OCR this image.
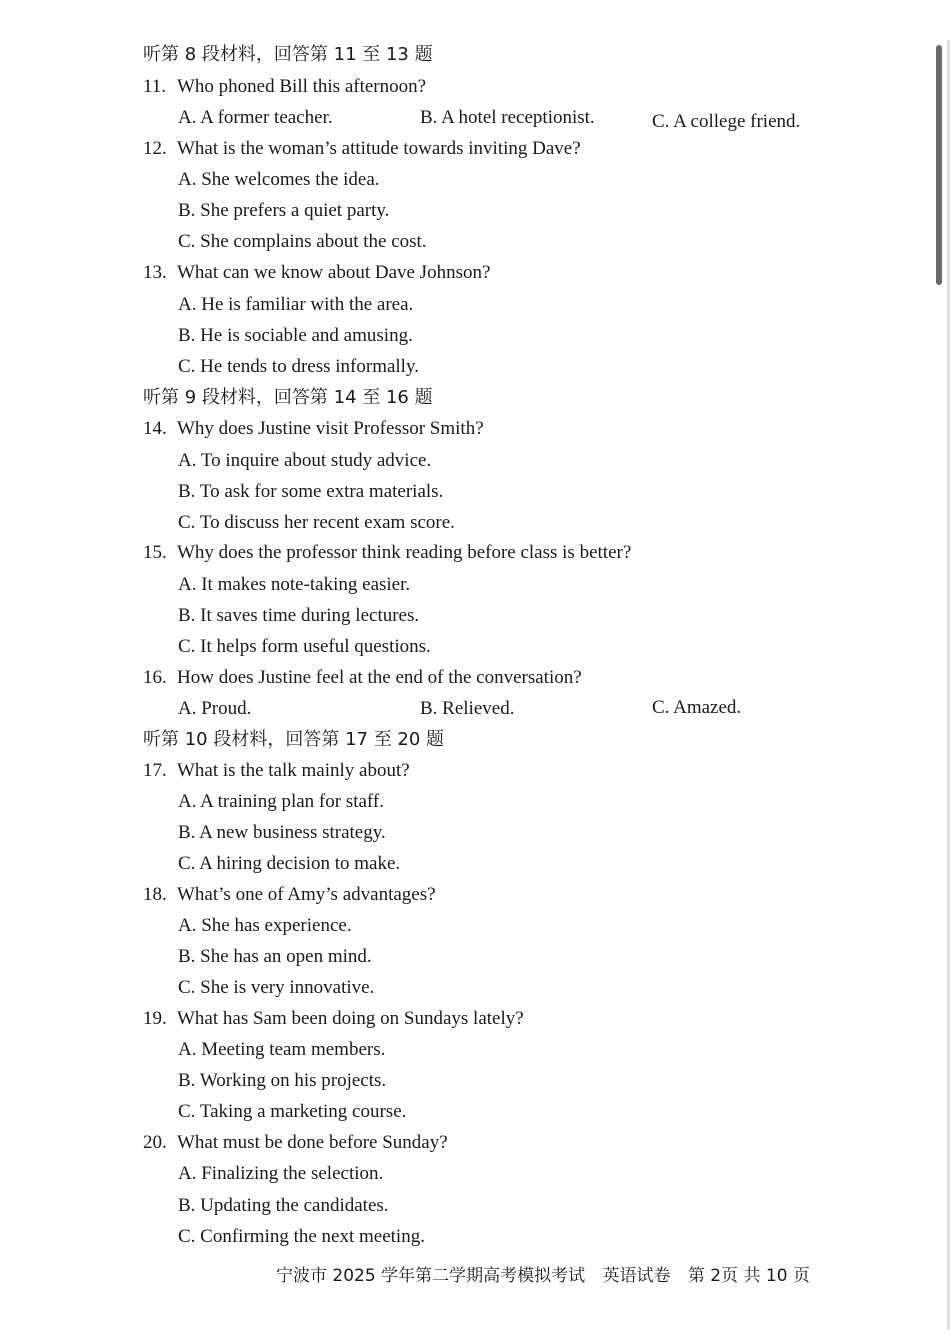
听第 8 段材料，回答第 11 至 13 题
11. Who phoned Bill this afternoon?
A. A former teacher.	B. A hotel receptionist.	C. A college friend.
12. What is the woman’s attitude towards inviting Dave?
A. She welcomes the idea.
B. She prefers a quiet party.
C. She complains about the cost.
13. What can we know about Dave Johnson?
A. He is familiar with the area.
B. He is sociable and amusing.
C. He tends to dress informally.
听第 9 段材料，回答第 14 至 16 题
14. Why does Justine visit Professor Smith?
A. To inquire about study advice.
B. To ask for some extra materials.
C. To discuss her recent exam score.
15. Why does the professor think reading before class is better?
A. It makes note-taking easier.
B. It saves time during lectures.
C. It helps form useful questions.
16. How does Justine feel at the end of the conversation?
A. Proud.	B. Relieved.	C. Amazed.
听第 10 段材料，回答第 17 至 20 题
17. What is the talk mainly about?
A. A training plan for staff.
B. A new business strategy.
C. A hiring decision to make.
18. What’s one of Amy’s advantages?
A. She has experience.
B. She has an open mind.
C. She is very innovative.
19. What has Sam been doing on Sundays lately?
A. Meeting team members.
B. Working on his projects.
C. Taking a marketing course.
20. What must be done before Sunday?
A. Finalizing the selection.
B. Updating the candidates.
C. Confirming the next meeting.
宁波市 2025 学年第二学期高考模拟考试 英语试卷 第 2页 共 10 页
